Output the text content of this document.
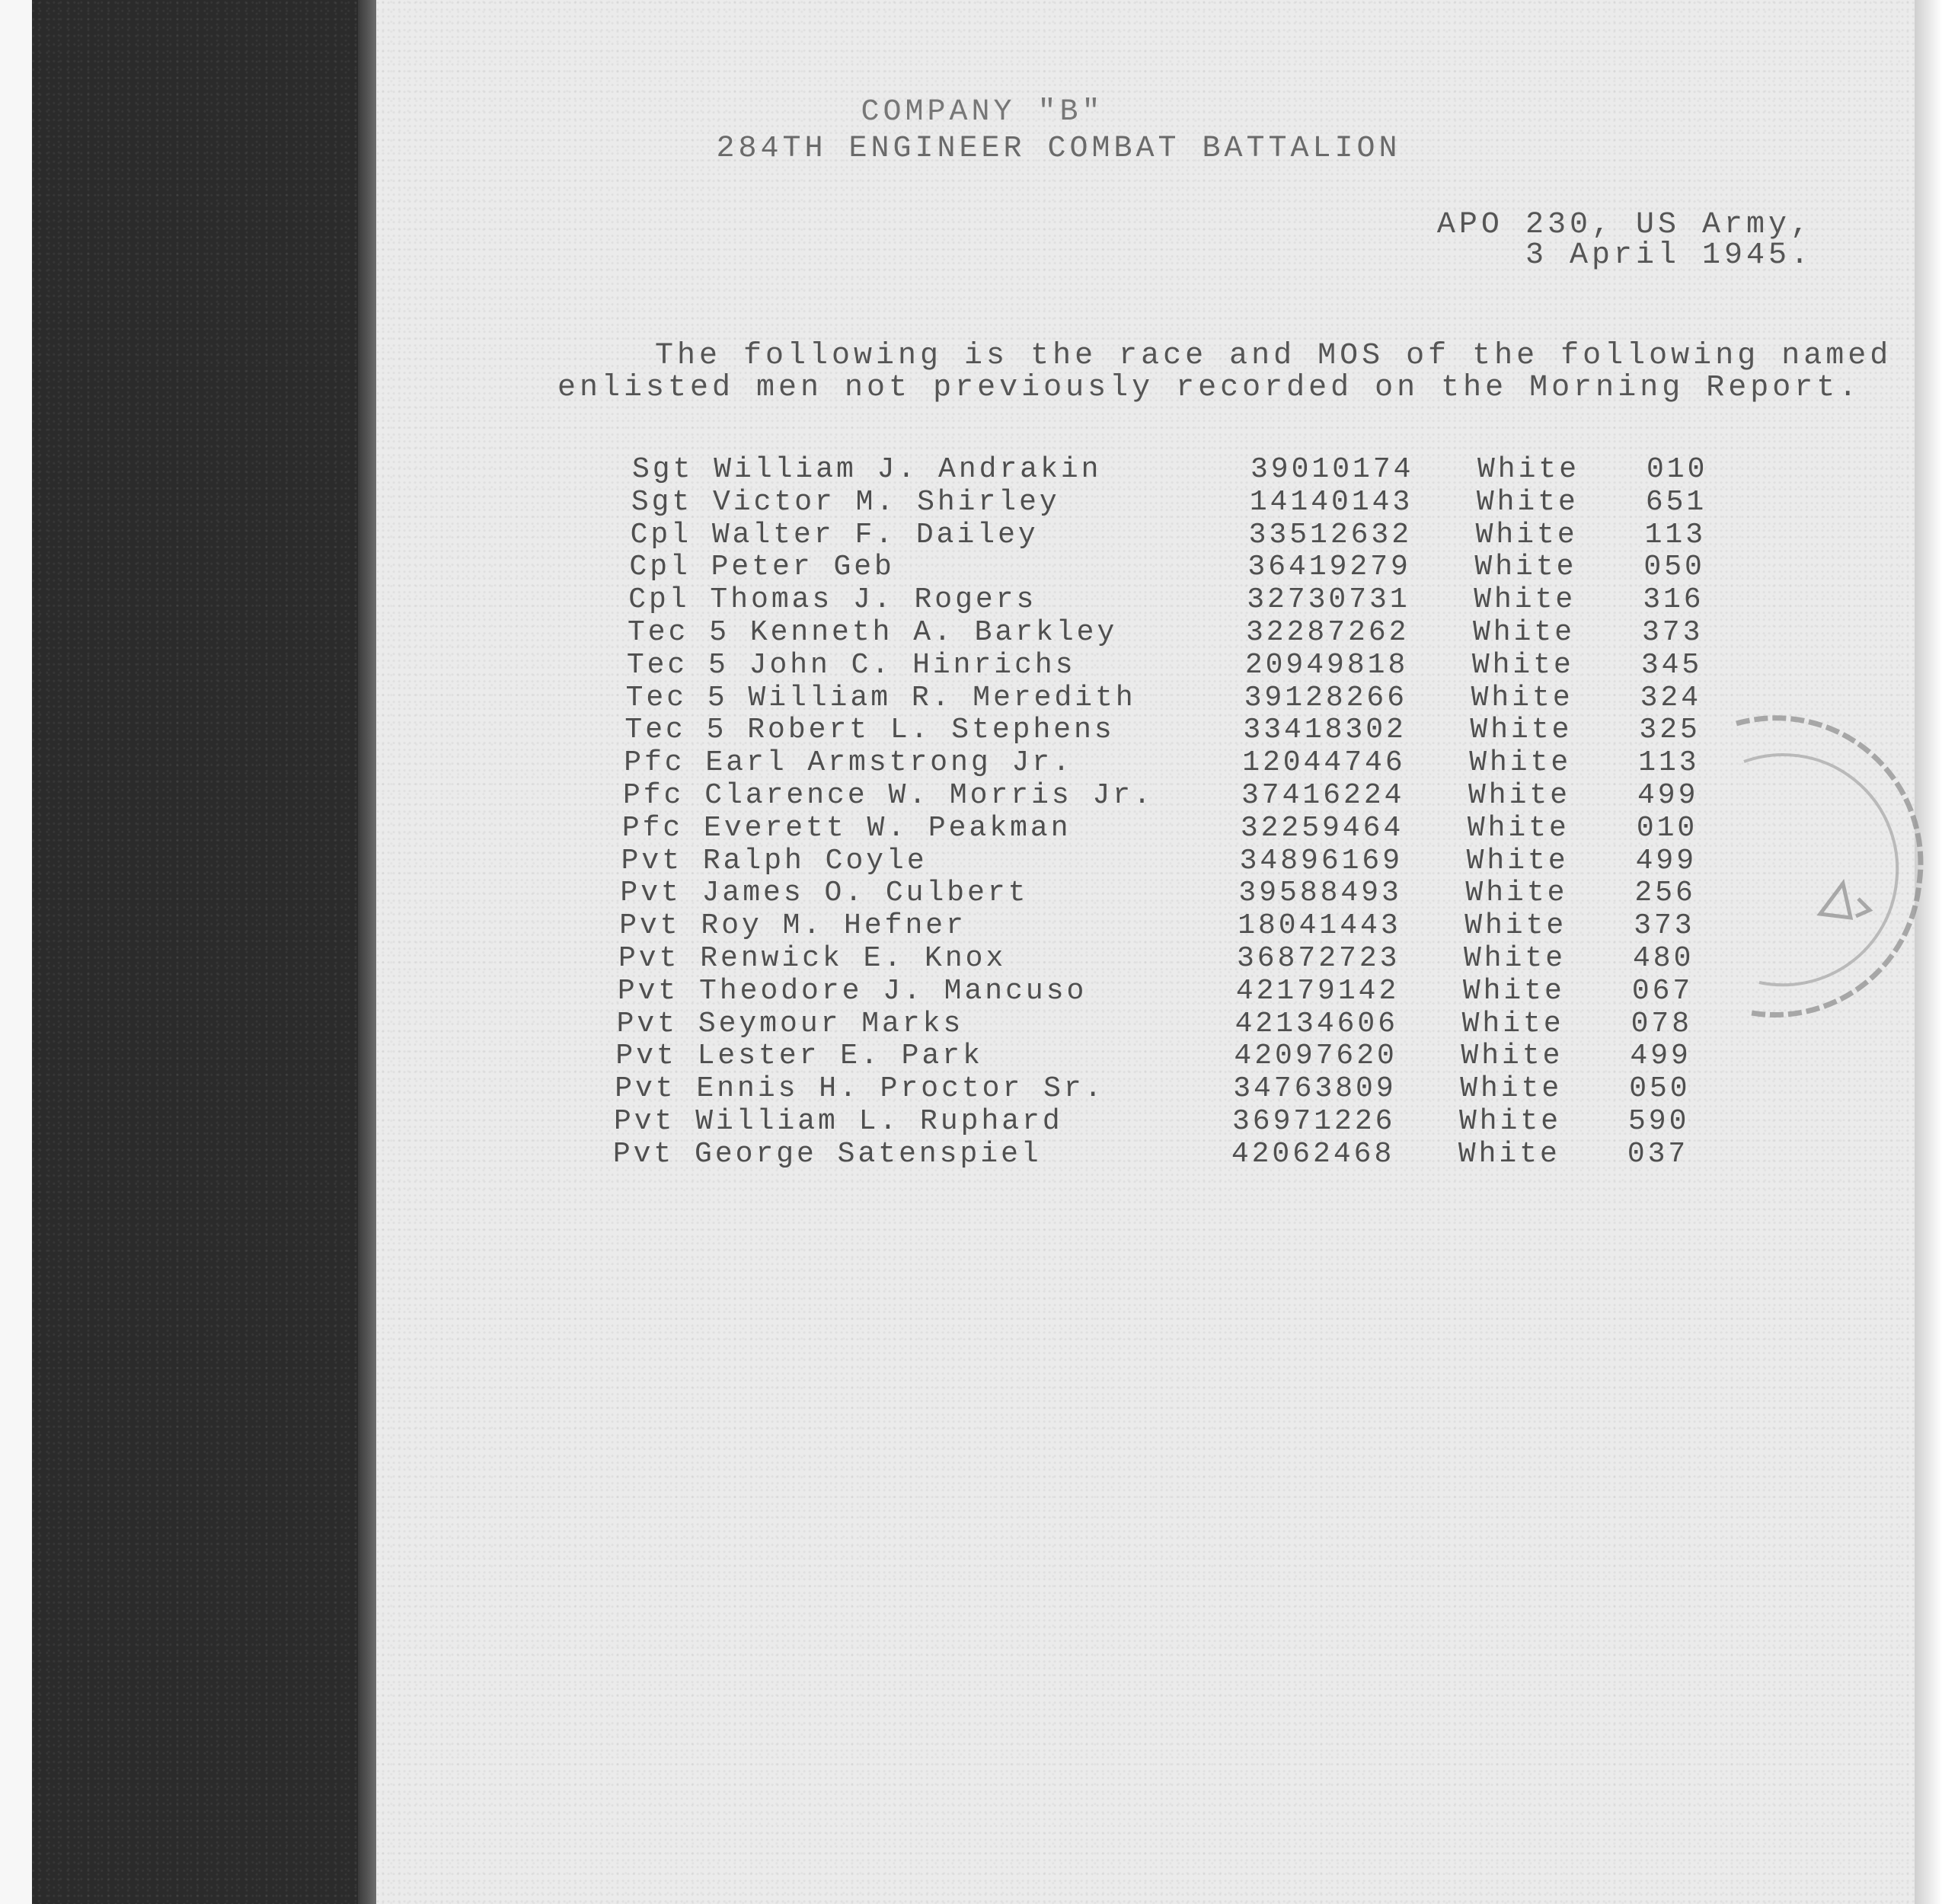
COMPANY "B"
284TH ENGINEER COMBAT BATTALION
APO 230, US Army,
3 April 1945.
The following is the race and MOS of the following named
enlisted men not previously recorded on the Morning Report.
Sgt William J. Andrakin	39010174 White 010
Sgt Victor M. Shirley	14140143 White 651
Cpl Walter F. Dailey	33512632 White 113
Cpl Peter Geb	36419279 White 050
Cpl Thomas J. Rogers	32730731 White 316
Tec 5 Kenneth A. Barkley	32287262 White 373
Tec 5 John C. Hinrichs	20949818 White 345
Tec 5 William R. Meredith	39128266 White 324
Tec 5 Robert L. Stephens	33418302 White 325
Pfc Earl Armstrong Jr.	12044746 White 113
Pfc Clarence W. Morris Jr.	37416224 White 499
Pfc Everett W. Peakman	32259464 White 010
Pvt Ralph Coyle	34896169 White 499
Pvt James O. Culbert	39588493 White 256
Pvt Roy M. Hefner	18041443 White 373
Pvt Renwick E. Knox	36872723 White 480
Pvt Theodore J. Mancuso	42179142 White 067
Pvt Seymour Marks	42134606 White 078
Pvt Lester E. Park	42097620 White 499
Pvt Ennis H. Proctor Sr.	34763809 White 050
Pvt William L. Ruphard	36971226 White 590
Pvt George Satenspiel	42062468 White 037
